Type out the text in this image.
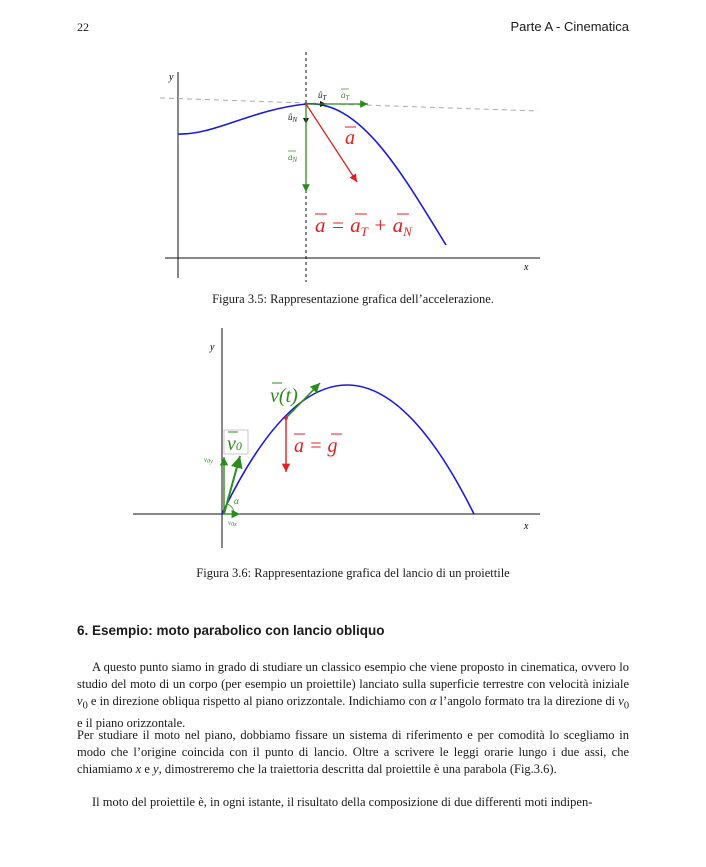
22	Parte A - Cinematica
y
x
$û_T$ $a_T$
$û_N$
$a_N$
a
a = aT + aN
Figura 3.5: Rappresentazione grafica dell’accelerazione.
y
x
v(t)
v0
v0y
v0x
α
a = g
Figura 3.6: Rappresentazione grafica del lancio di un proiettile
6. Esempio: moto parabolico con lancio obliquo

A questo punto siamo in grado di studiare un classico esempio che viene proposto in cinematica, ovvero lo studio del moto di un corpo (per esempio un proiettile) lanciato sulla superficie terrestre con velocità iniziale $v_0$ e in direzione obliqua rispetto al piano orizzontale. Indichiamo con α l’angolo formato tra la direzione di $v_0$ e il piano orizzontale.

Per studiare il moto nel piano, dobbiamo fissare un sistema di riferimento e per comodità lo scegliamo in modo che l’origine coincida con il punto di lancio. Oltre a scrivere le leggi orarie lungo i due assi, che chiamiamo x e y, dimostreremo che la traiettoria descritta dal proiettile è una parabola (Fig.3.6).

Il moto del proiettile è, in ogni istante, il risultato della composizione di due differenti moti indipen-
